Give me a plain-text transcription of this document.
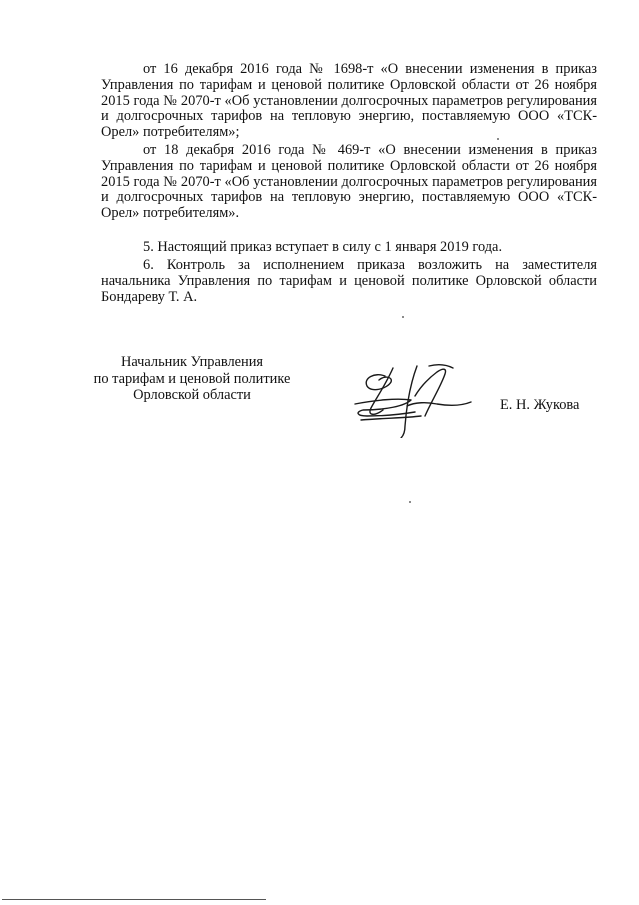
от 16 декабря 2016 года № 1698-т «О внесении изменения в приказ Управления по тарифам и ценовой политике Орловской области от 26 ноября 2015 года № 2070-т «Об установлении долгосрочных параметров регулирования и долгосрочных тарифов на тепловую энергию, поставляемую ООО «ТСК-Орел» потребителям»;

от 18 декабря 2016 года № 469-т «О внесении изменения в приказ Управления по тарифам и ценовой политике Орловской области от 26 ноября 2015 года № 2070-т «Об установлении долгосрочных параметров регулирования и долгосрочных тарифов на тепловую энергию, поставляемую ООО «ТСК-Орел» потребителям».

5. Настоящий приказ вступает в силу с 1 января 2019 года.

6. Контроль за исполнением приказа возложить на заместителя начальника Управления по тарифам и ценовой политике Орловской области Бондареву Т. А.

Начальник Управления
по тарифам и ценовой политике
Орловской области
Е. Н. Жукова
